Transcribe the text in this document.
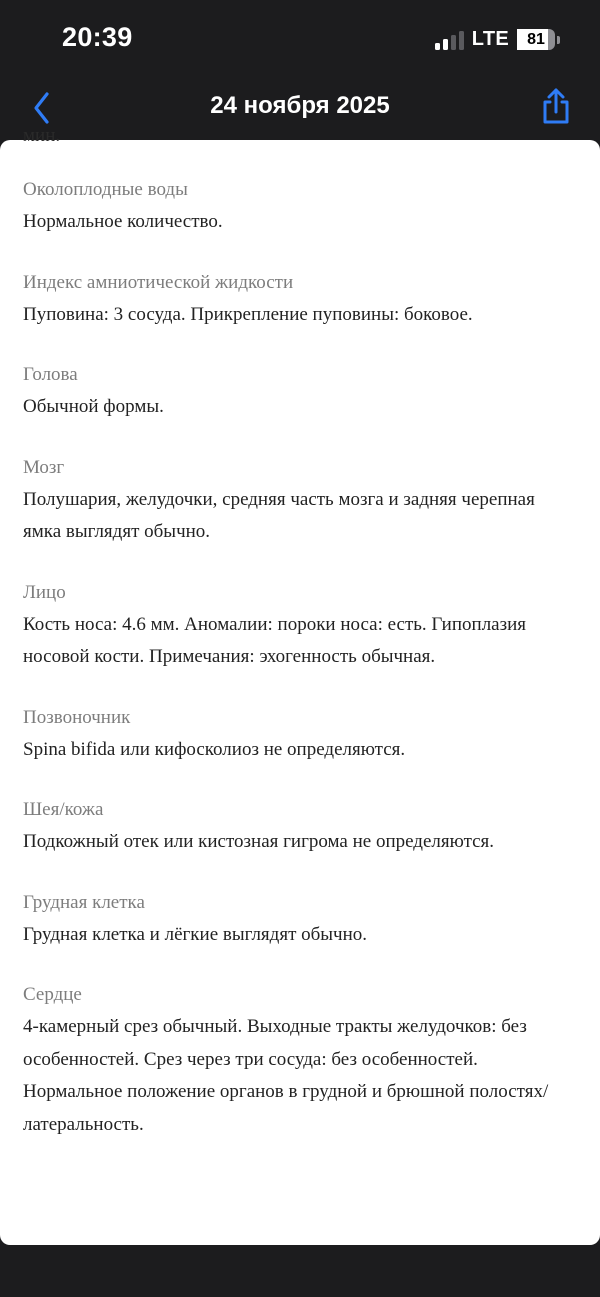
20:39	LTE	81
24 ноября 2025

мин.

Околоплодные воды

Нормальное количество.

Индекс амниотической жидкости

Пуповина: 3 сосуда. Прикрепление пуповины: боковое.

Голова

Обычной формы.

Мозг

Полушария, желудочки, средняя часть мозга и задняя черепная ямка выглядят обычно.

Лицо

Кость носа: 4.6 мм. Аномалии: пороки носа: есть. Гипоплазия носовой кости. Примечания: эхогенность обычная.

Позвоночник

Spina bifida или кифосколиоз не определяются.

Шея/кожа

Подкожный отек или кистозная гигрома не определяются.

Грудная клетка

Грудная клетка и лёгкие выглядят обычно.

Сердце

4-камерный срез обычный. Выходные тракты желудочков: без особенностей. Срез через три сосуда: без особенностей. Нормальное положение органов в грудной и брюшной полостях/латеральность.
